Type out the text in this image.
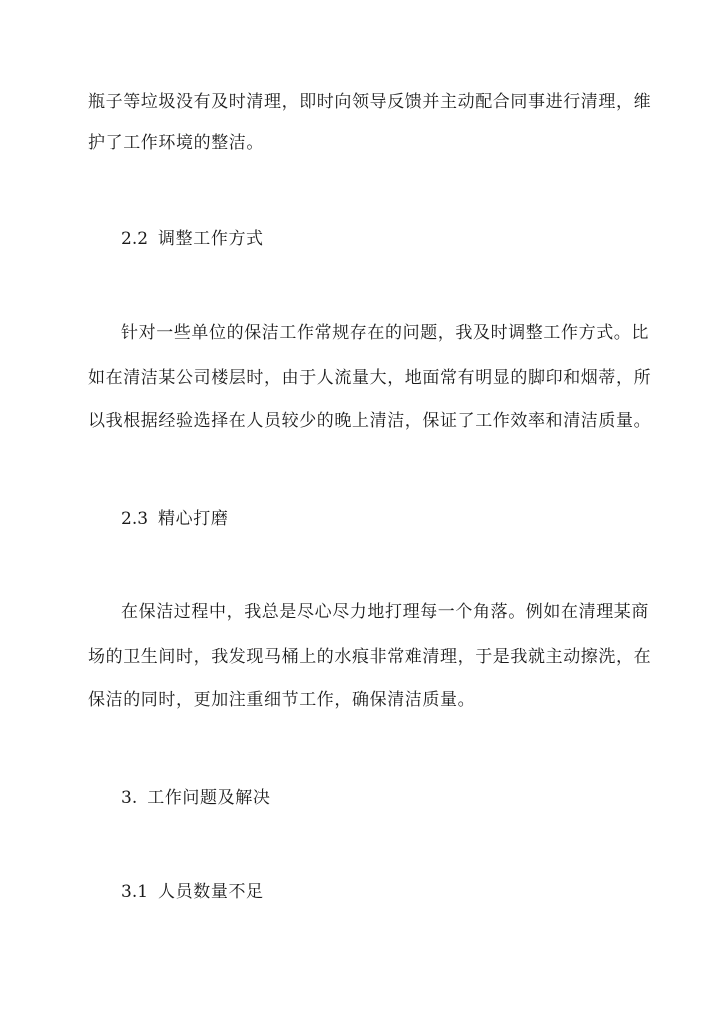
瓶子等垃圾没有及时清理，即时向领导反馈并主动配合同事进行清理，维
护了工作环境的整洁。
2.2 调整工作方式
针对一些单位的保洁工作常规存在的问题，我及时调整工作方式。比
如在清洁某公司楼层时，由于人流量大，地面常有明显的脚印和烟蒂，所
以我根据经验选择在人员较少的晚上清洁，保证了工作效率和清洁质量。
2.3 精心打磨
在保洁过程中，我总是尽心尽力地打理每一个角落。例如在清理某商
场的卫生间时，我发现马桶上的水痕非常难清理，于是我就主动擦洗，在
保洁的同时，更加注重细节工作，确保清洁质量。
3. 工作问题及解决
3.1 人员数量不足
